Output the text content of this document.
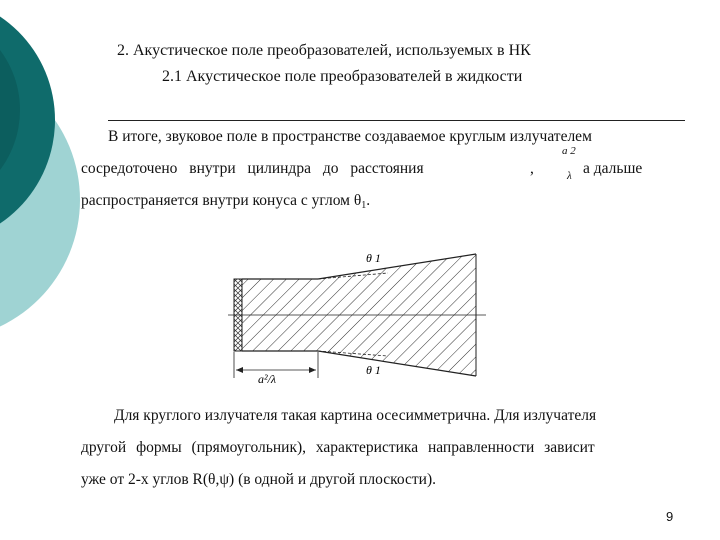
2. Акустическое поле преобразователей, используемых в НК
2.1 Акустическое поле преобразователей в жидкости
В итоге, звуковое поле в пространстве создаваемое круглым излучателем
сосредоточено внутри цилиндра до расстояния	,
a 2
λ а дальше
распространяется внутри конуса с углом $\theta_1$.
a²/λ
θ 1
θ 1
Для круглого излучателя такая картина осесимметрична. Для излучателя
другой формы (прямоугольник), характеристика направленности зависит
уже от 2-х углов R(θ,ψ) (в одной и другой плоскости).
9
